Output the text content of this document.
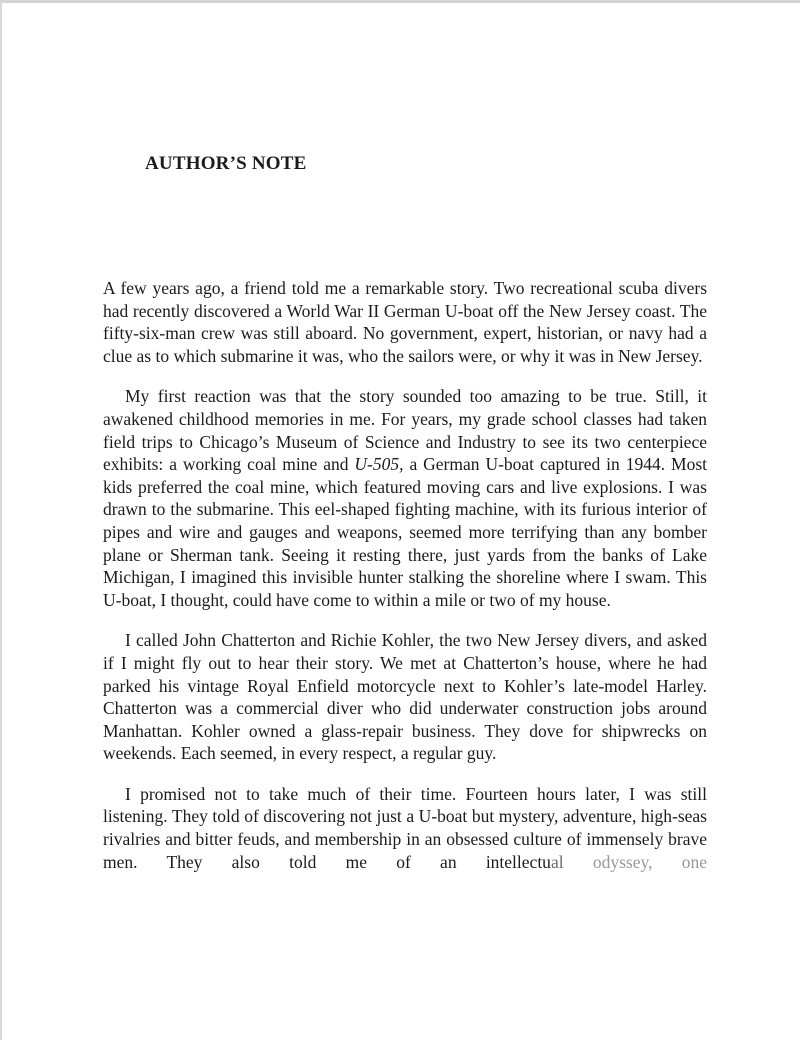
AUTHOR’S NOTE

A few years ago, a friend told me a remarkable story. Two recreational scuba divers had recently discovered a World War II German U-boat off the New Jersey coast. The fifty-six-man crew was still aboard. No government, expert, historian, or navy had a clue as to which submarine it was, who the sailors were, or why it was in New Jersey.

My first reaction was that the story sounded too amazing to be true. Still, it awakened childhood memories in me. For years, my grade school classes had taken field trips to Chicago’s Museum of Science and Industry to see its two centerpiece exhibits: a working coal mine and U-505, a German U-boat captured in 1944. Most kids preferred the coal mine, which featured moving cars and live explosions. I was drawn to the submarine. This eel-shaped fighting machine, with its furious interior of pipes and wire and gauges and weapons, seemed more terrifying than any bomber plane or Sherman tank. Seeing it resting there, just yards from the banks of Lake Michigan, I imagined this invisible hunter stalking the shoreline where I swam. This U-boat, I thought, could have come to within a mile or two of my house.

I called John Chatterton and Richie Kohler, the two New Jersey divers, and asked if I might fly out to hear their story. We met at Chatterton’s house, where he had parked his vintage Royal Enfield motorcycle next to Kohler’s late-model Harley. Chatterton was a commercial diver who did underwater construction jobs around Manhattan. Kohler owned a glass-repair business. They dove for shipwrecks on weekends. Each seemed, in every respect, a regular guy.

I promised not to take much of their time. Fourteen hours later, I was still listening. They told of discovering not just a U-boat but mystery, adventure, high-seas rivalries and bitter feuds, and membership in an obsessed culture of immensely brave men. They also told me of an intellectual odyssey, one
